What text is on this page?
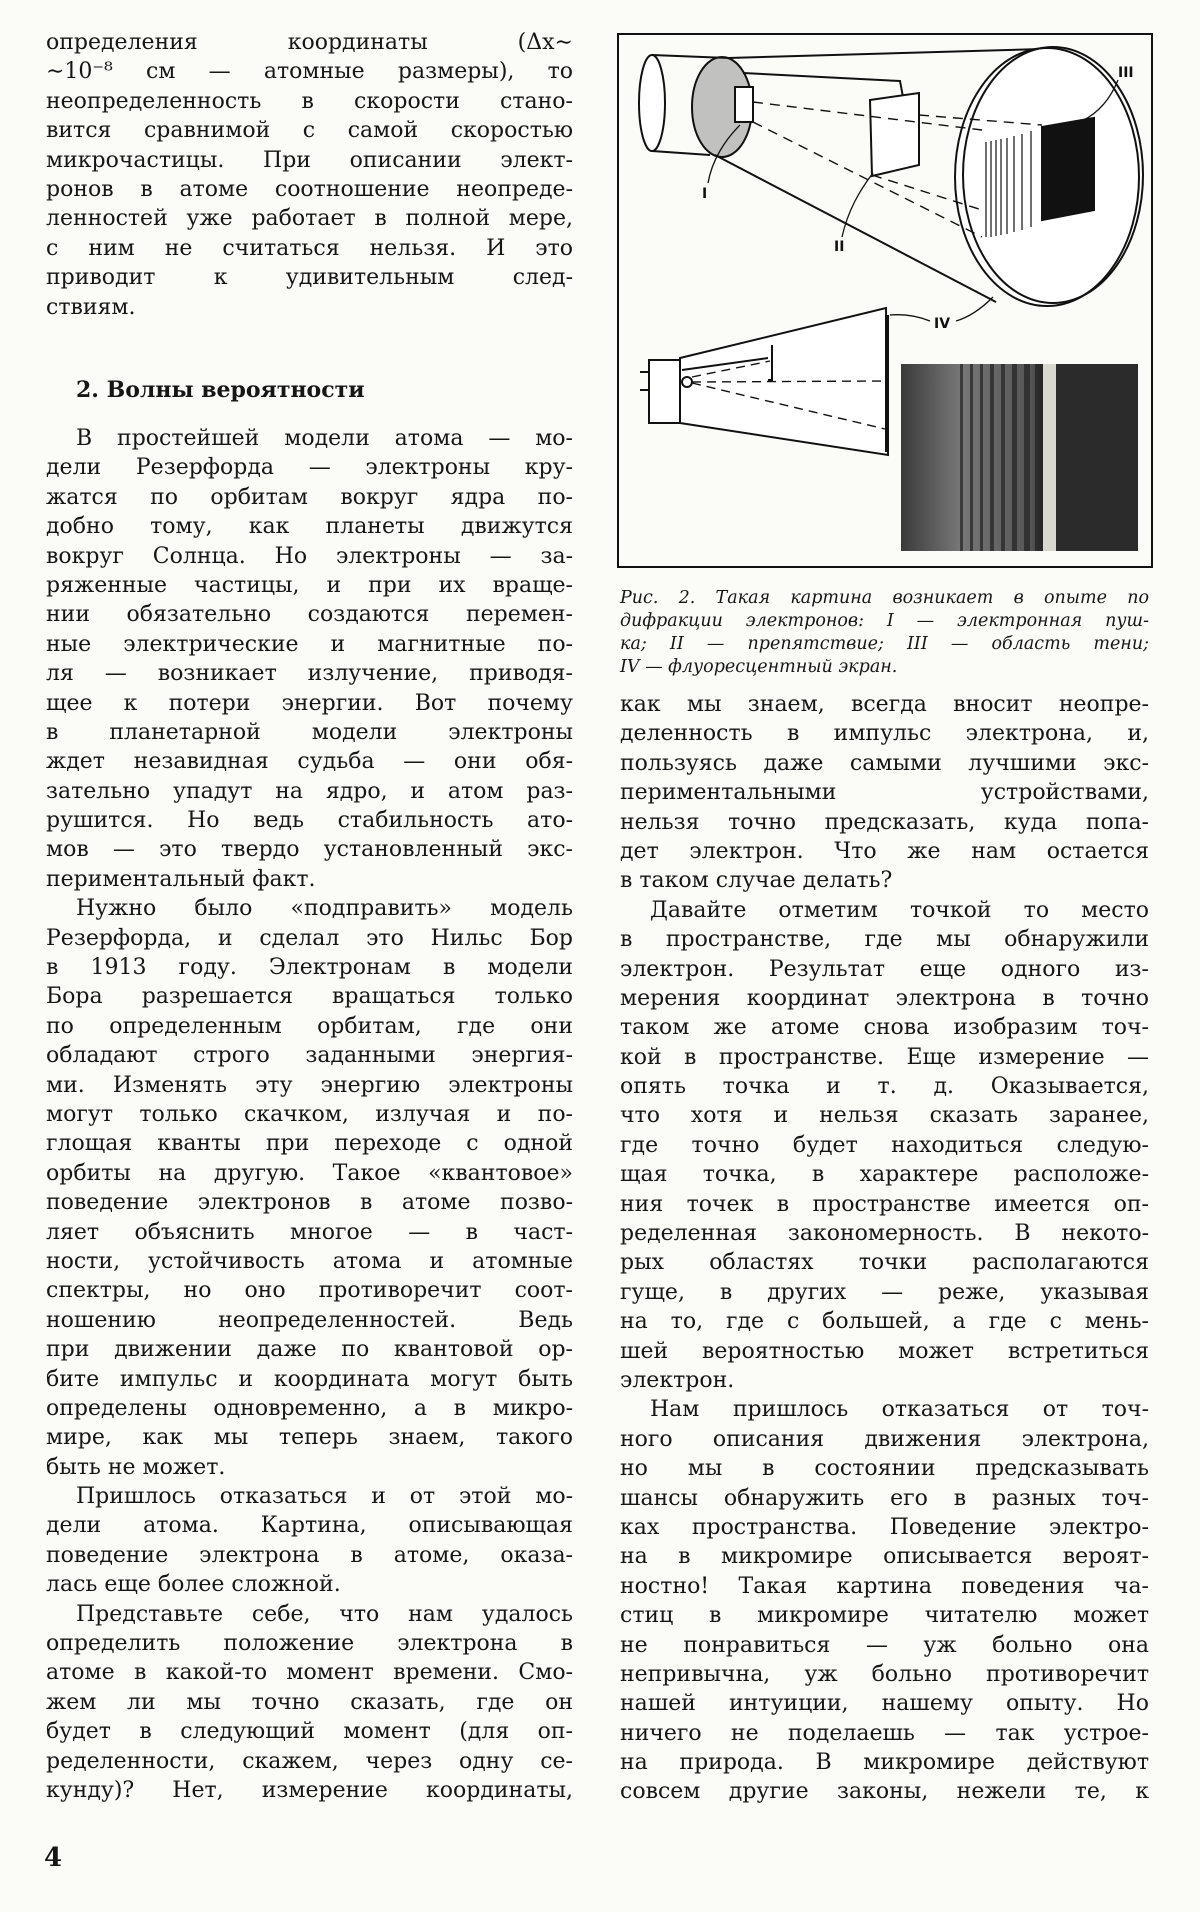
определения координаты (Δx∼
∼10⁻⁸ см — атомные размеры), то
неопределенность в скорости стано-
вится сравнимой с самой скоростью
микрочастицы. При описании элект-
ронов в атоме соотношение неопреде-
ленностей уже работает в полной мере,
с ним не считаться нельзя. И это
приводит к удивительным след-
ствиям.
2. Волны вероятности
В простейшей модели атома — мо-
дели Резерфорда — электроны кру-
жатся по орбитам вокруг ядра по-
добно тому, как планеты движутся
вокруг Солнца. Но электроны — за-
ряженные частицы, и при их враще-
нии обязательно создаются перемен-
ные электрические и магнитные по-
ля — возникает излучение, приводя-
щее к потери энергии. Вот почему
в планетарной модели электроны
ждет незавидная судьба — они обя-
зательно упадут на ядро, и атом раз-
рушится. Но ведь стабильность ато-
мов — это твердо установленный экс-
периментальный факт.
Нужно было «подправить» модель
Резерфорда, и сделал это Нильс Бор
в 1913 году. Электронам в модели
Бора разрешается вращаться только
по определенным орбитам, где они
обладают строго заданными энергия-
ми. Изменять эту энергию электроны
могут только скачком, излучая и по-
глощая кванты при переходе с одной
орбиты на другую. Такое «квантовое»
поведение электронов в атоме позво-
ляет объяснить многое — в част-
ности, устойчивость атома и атомные
спектры, но оно противоречит соот-
ношению неопределенностей. Ведь
при движении даже по квантовой ор-
бите импульс и координата могут быть
определены одновременно, а в микро-
мире, как мы теперь знаем, такого
быть не может.
Пришлось отказаться и от этой мо-
дели атома. Картина, описывающая
поведение электрона в атоме, оказа-
лась еще более сложной.
Представьте себе, что нам удалось
определить положение электрона в
атоме в какой-то момент времени. Смо-
жем ли мы точно сказать, где он
будет в следующий момент (для оп-
ределенности, скажем, через одну се-
кунду)? Нет, измерение координаты,
I
II
III
IV
Рис. 2. Такая картина возникает в опыте по
дифракции электронов: I — электронная пуш-
ка; II — препятствие; III — область тени;
IV — флуоресцентный экран.
как мы знаем, всегда вносит неопре-
деленность в импульс электрона, и,
пользуясь даже самыми лучшими экс-
периментальными устройствами,
нельзя точно предсказать, куда попа-
дет электрон. Что же нам остается
в таком случае делать?
Давайте отметим точкой то место
в пространстве, где мы обнаружили
электрон. Результат еще одного из-
мерения координат электрона в точно
таком же атоме снова изобразим точ-
кой в пространстве. Еще измерение —
опять точка и т. д. Оказывается,
что хотя и нельзя сказать заранее,
где точно будет находиться следую-
щая точка, в характере расположе-
ния точек в пространстве имеется оп-
ределенная закономерность. В некото-
рых областях точки располагаются
гуще, в других — реже, указывая
на то, где с большей, а где с мень-
шей вероятностью может встретиться
электрон.
Нам пришлось отказаться от точ-
ного описания движения электрона,
но мы в состоянии предсказывать
шансы обнаружить его в разных точ-
ках пространства. Поведение электро-
на в микромире описывается вероят-
ностно! Такая картина поведения ча-
стиц в микромире читателю может
не понравиться — уж больно она
непривычна, уж больно противоречит
нашей интуиции, нашему опыту. Но
ничего не поделаешь — так устрое-
на природа. В микромире действуют
совсем другие законы, нежели те, к
4
